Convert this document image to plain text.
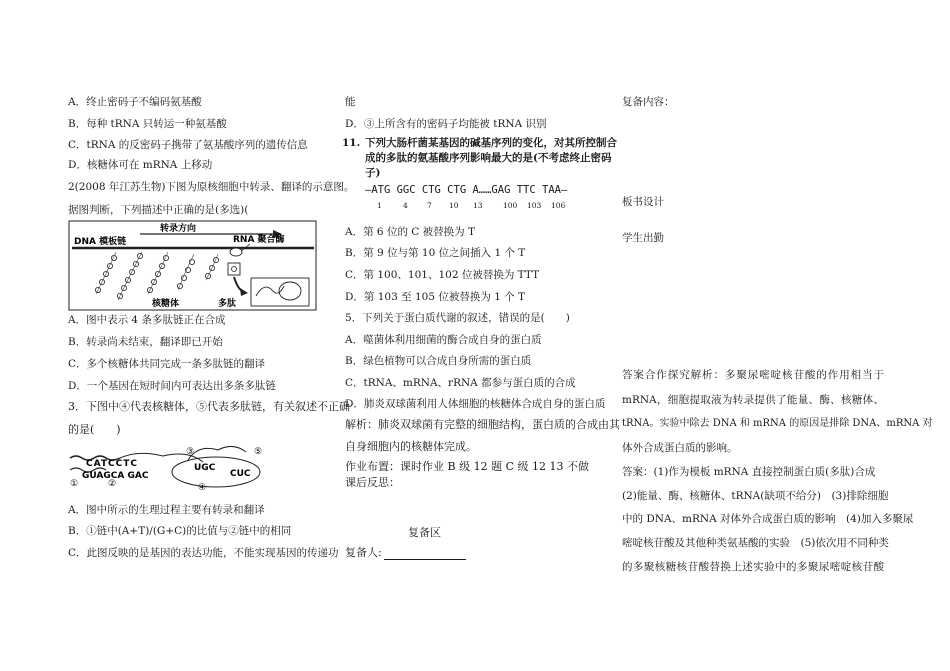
A．终止密码子不编码氨基酸
B．每种 tRNA 只转运一种氨基酸
C．tRNA 的反密码子携带了氨基酸序列的遗传信息
D．核糖体可在 mRNA 上移动
2(2008 年江苏生物)下图为原核细胞中转录、翻译的示意图。
据图判断，下列描述中正确的是(多选)(
转录方向
DNA 模板链	RNA 聚合酶
核糖体	多肽
A．图中表示 4 条多肽链正在合成
B．转录尚未结束，翻译即已开始
C．多个核糖体共同完成一条多肽链的翻译
D．一个基因在短时间内可表达出多条多肽链
3．下图中④代表核糖体，⑤代表多肽链，有关叙述不正确
的是(　　)
CATCCTC
GUAGCA GAC
UGC
CUC
③	⑤
④
①	②
A．图中所示的生理过程主要有转录和翻译
B．①链中(A+T)/(G+C)的比值与②链中的相同
C．此图反映的是基因的表达功能，不能实现基因的传递功
能
D．③上所含有的密码子均能被 tRNA 识别
11. 下列大肠杆菌某基因的碱基序列的变化，对其所控制合
成的多肽的氨基酸序列影响最大的是(不考虑终止密码
子)
—ATG GGC CTG CTG A……GAG TTC TAA—
1	4	7 10 13	100 103 106
A．第 6 位的 C 被替换为 T
B．第 9 位与第 10 位之间插入 1 个 T
C．第 100、101、102 位被替换为 TTT
D．第 103 至 105 位被替换为 1 个 T
5．下列关于蛋白质代谢的叙述，错误的是(　　)
A．噬菌体利用细菌的酶合成自身的蛋白质
B．绿色植物可以合成自身所需的蛋白质
C．tRNA、mRNA、rRNA 都参与蛋白质的合成
D．肺炎双球菌利用人体细胞的核糖体合成自身的蛋白质
解析：肺炎双球菌有完整的细胞结构，蛋白质的合成由其
自身细胞内的核糖体完成。
作业布置：课时作业 B 级 12 题 C 级 12 13 不做
课后反思：
复备区
复备人:
复备内容：
板书设计
学生出勤
答案合作探究解析：多聚尿嘧啶核苷酸的作用相当于
mRNA，细胞提取液为转录提供了能量、酶、核糖体、
tRNA。实验中除去 DNA 和 mRNA 的原因是排除 DNA、mRNA 对
体外合成蛋白质的影响。
答案：(1)作为模板 mRNA 直接控制蛋白质(多肽)合成
(2)能量、酶、核糖体、tRNA(缺项不给分)　(3)排除细胞
中的 DNA、mRNA 对体外合成蛋白质的影响　(4)加入多聚尿
嘧啶核苷酸及其他种类氨基酸的实验　(5)依次用不同种类
的多聚核糖核苷酸替换上述实验中的多聚尿嘧啶核苷酸
